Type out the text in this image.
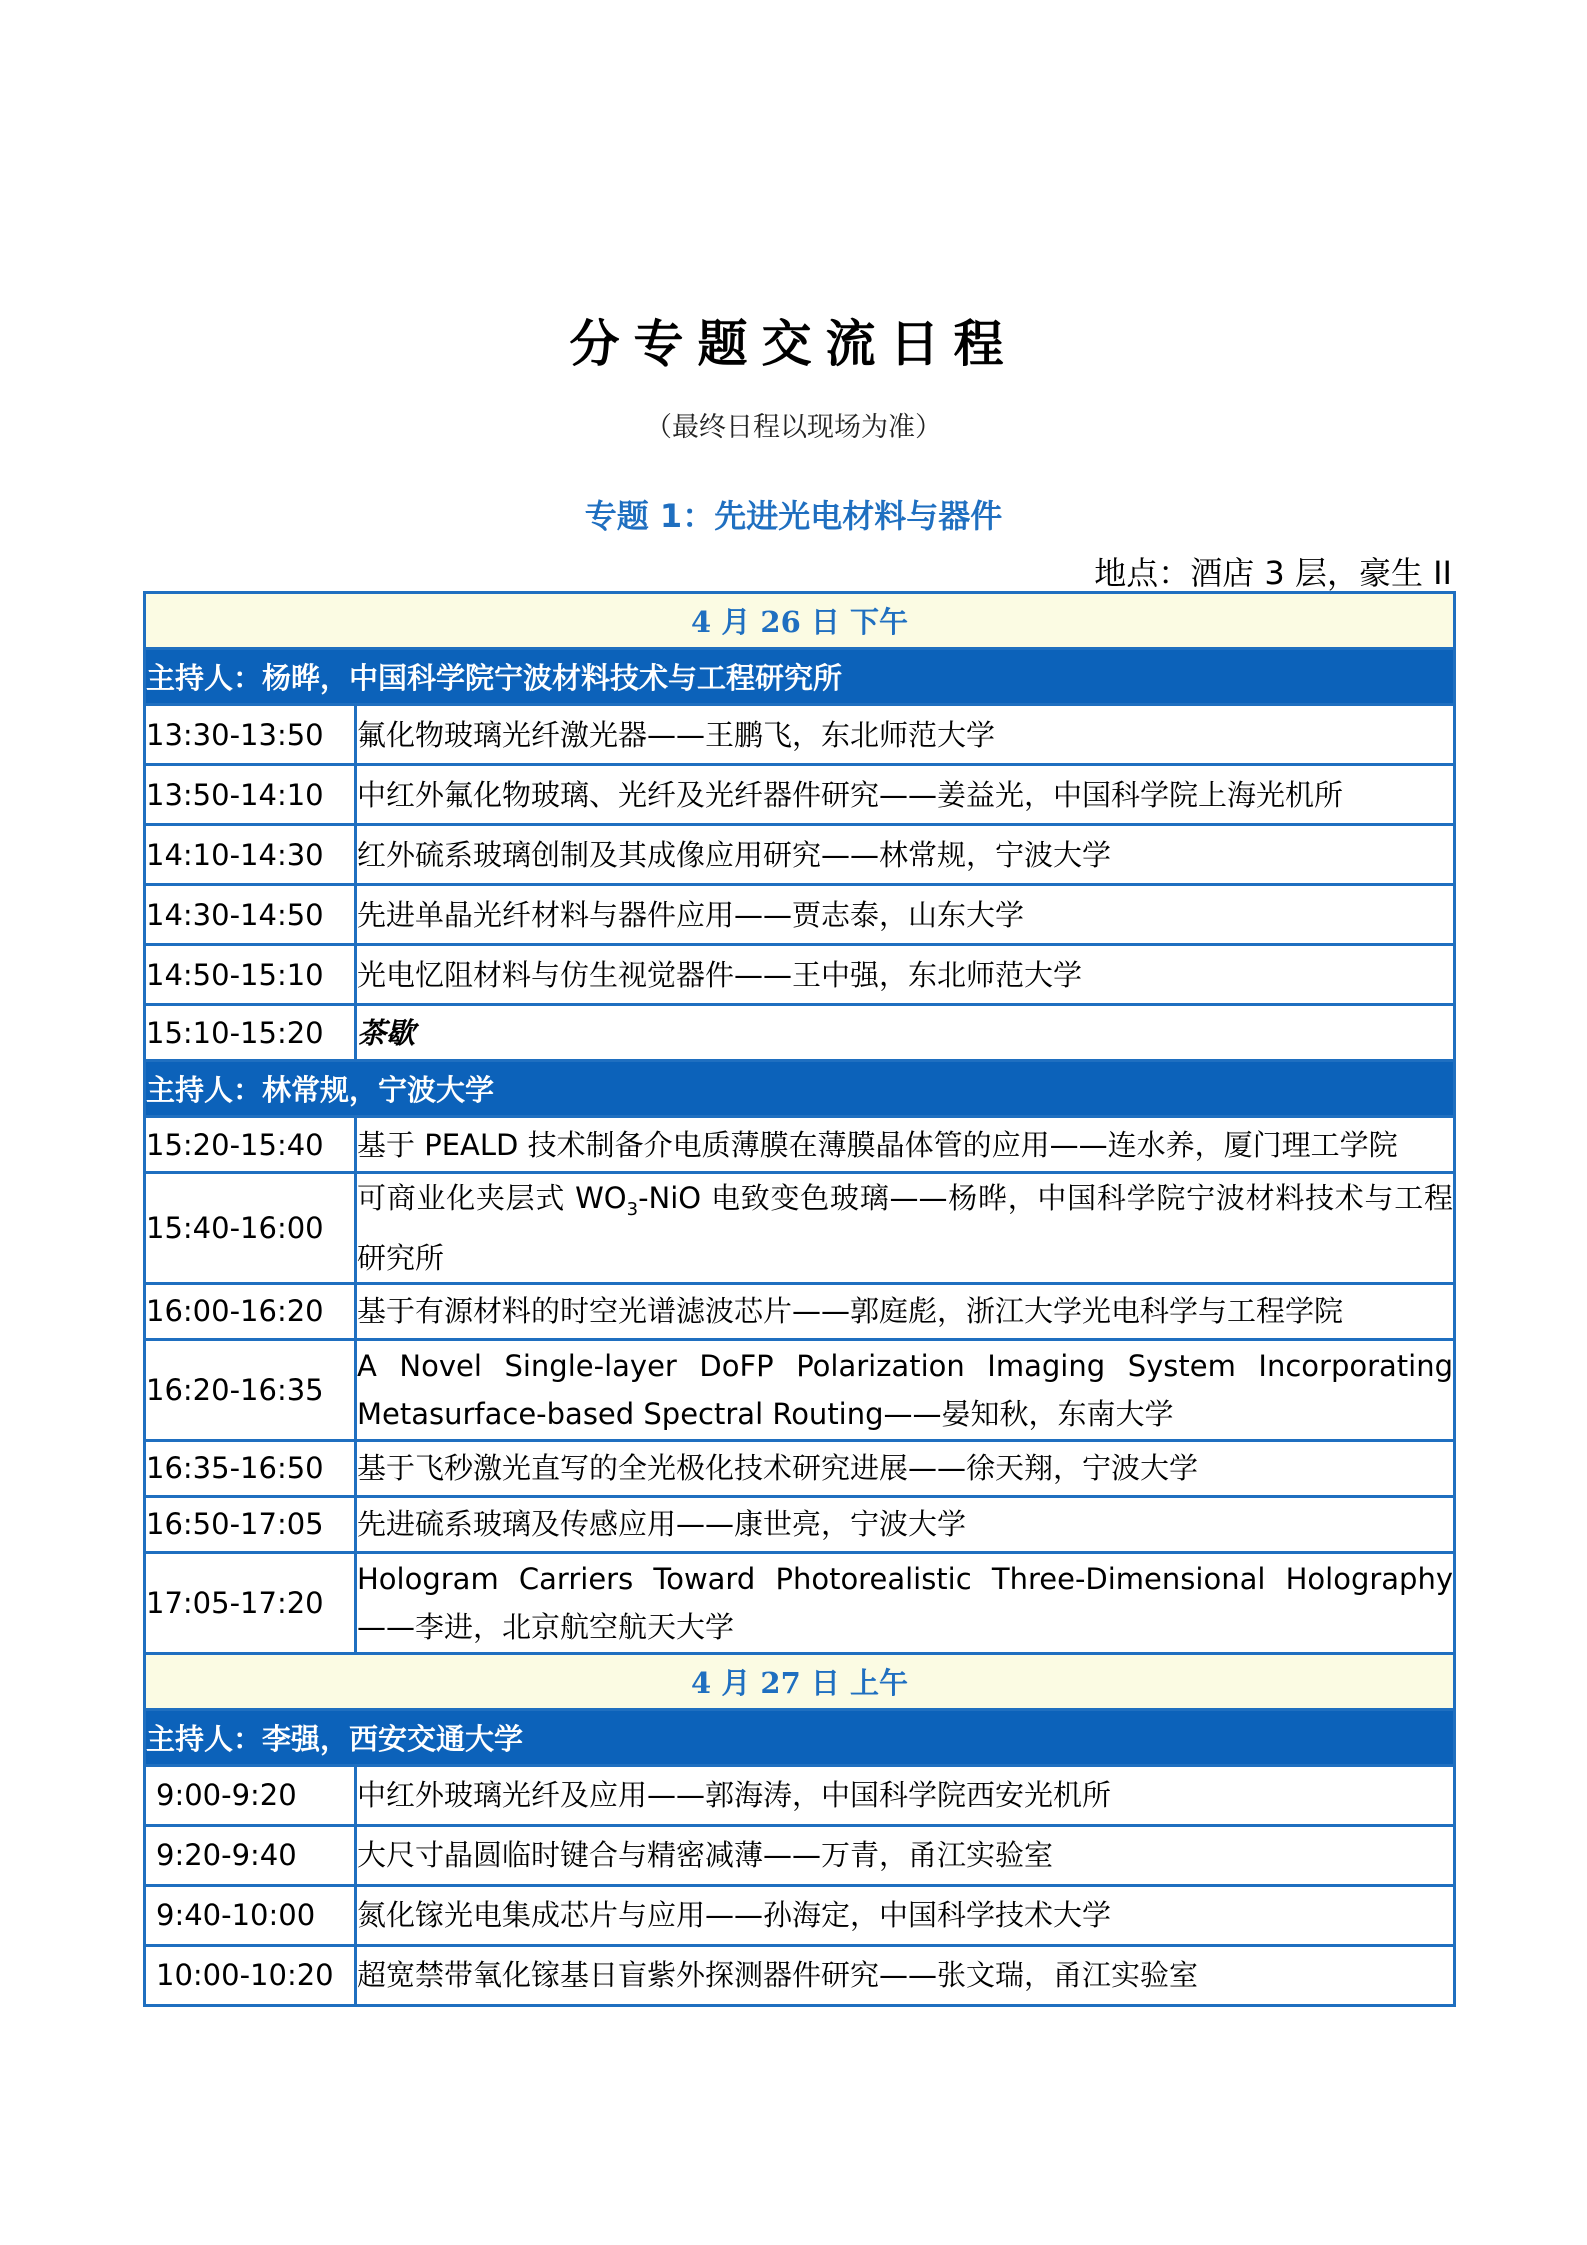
分专题交流日程
（最终日程以现场为准）
专题 1：先进光电材料与器件
地点：酒店 3 层，豪生 II
4 月 26 日 下午	
主持人：杨晔，中国科学院宁波材料技术与工程研究所	
13:30-13:50	氟化物玻璃光纤激光器——王鹏飞，东北师范大学
13:50-14:10	中红外氟化物玻璃、光纤及光纤器件研究——姜益光，中国科学院上海光机所
14:10-14:30	红外硫系玻璃创制及其成像应用研究——林常规，宁波大学
14:30-14:50	先进单晶光纤材料与器件应用——贾志泰，山东大学
14:50-15:10	光电忆阻材料与仿生视觉器件——王中强，东北师范大学
15:10-15:20	茶歇
主持人：林常规，宁波大学	
15:20-15:40	基于 PEALD 技术制备介电质薄膜在薄膜晶体管的应用——连水养，厦门理工学院
15:40-16:00	可商业化夹层式 $WO_3$-NiO 电致变色玻璃——杨晔，中国科学院宁波材料技术与工程研究所
16:00-16:20	基于有源材料的时空光谱滤波芯片——郭庭彪，浙江大学光电科学与工程学院
16:20-16:35	A Novel Single-layer DoFP Polarization Imaging System Incorporating
Metasurface-based Spectral Routing——晏知秋，东南大学
16:35-16:50	基于飞秒激光直写的全光极化技术研究进展——徐天翔，宁波大学
16:50-17:05	先进硫系玻璃及传感应用——康世亮，宁波大学
17:05-17:20	Hologram Carriers Toward Photorealistic Three-Dimensional Holography——李进，北京航空航天大学
4 月 27 日 上午	
主持人：李强，西安交通大学	
9:00-9:20	中红外玻璃光纤及应用——郭海涛，中国科学院西安光机所
9:20-9:40	大尺寸晶圆临时键合与精密减薄——万青，甬江实验室
9:40-10:00	氮化镓光电集成芯片与应用——孙海定，中国科学技术大学
10:00-10:20	超宽禁带氧化镓基日盲紫外探测器件研究——张文瑞，甬江实验室
